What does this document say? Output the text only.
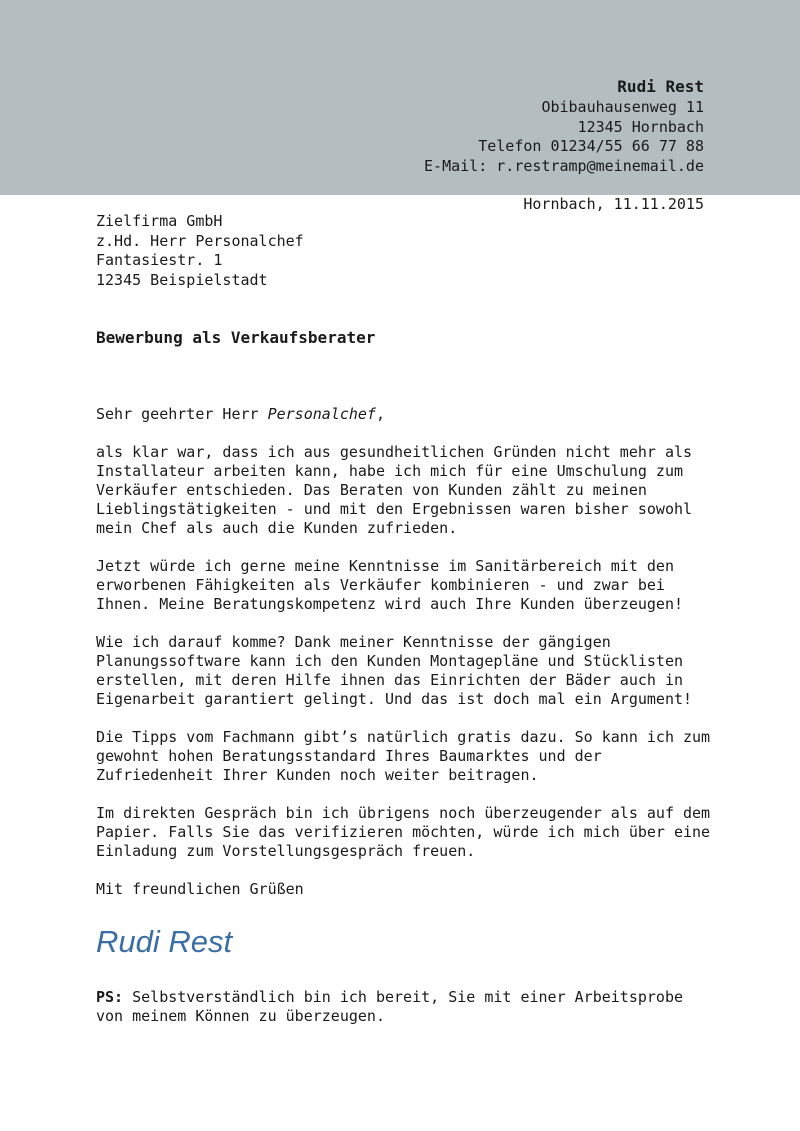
Rudi Rest
Obibauhausenweg 11
12345 Hornbach
Telefon 01234/55 66 77 88
E-Mail: r.restramp@meinemail.de
Hornbach, 11.11.2015
Zielfirma GmbH
z.Hd. Herr Personalchef
Fantasiestr. 1
12345 Beispielstadt
Bewerbung als Verkaufsberater

Sehr geehrter Herr Personalchef,

als klar war, dass ich aus gesundheitlichen Gründen nicht mehr als
Installateur arbeiten kann, habe ich mich für eine Umschulung zum
Verkäufer entschieden. Das Beraten von Kunden zählt zu meinen
Lieblingstätigkeiten - und mit den Ergebnissen waren bisher sowohl
mein Chef als auch die Kunden zufrieden.

Jetzt würde ich gerne meine Kenntnisse im Sanitärbereich mit den
erworbenen Fähigkeiten als Verkäufer kombinieren - und zwar bei
Ihnen. Meine Beratungskompetenz wird auch Ihre Kunden überzeugen!

Wie ich darauf komme? Dank meiner Kenntnisse der gängigen
Planungssoftware kann ich den Kunden Montagepläne und Stücklisten
erstellen, mit deren Hilfe ihnen das Einrichten der Bäder auch in
Eigenarbeit garantiert gelingt. Und das ist doch mal ein Argument!

Die Tipps vom Fachmann gibt’s natürlich gratis dazu. So kann ich zum
gewohnt hohen Beratungsstandard Ihres Baumarktes und der
Zufriedenheit Ihrer Kunden noch weiter beitragen.

Im direkten Gespräch bin ich übrigens noch überzeugender als auf dem
Papier. Falls Sie das verifizieren möchten, würde ich mich über eine
Einladung zum Vorstellungsgespräch freuen.

Mit freundlichen Grüßen

Rudi Rest
PS: Selbstverständlich bin ich bereit, Sie mit einer Arbeitsprobe
von meinem Können zu überzeugen.
